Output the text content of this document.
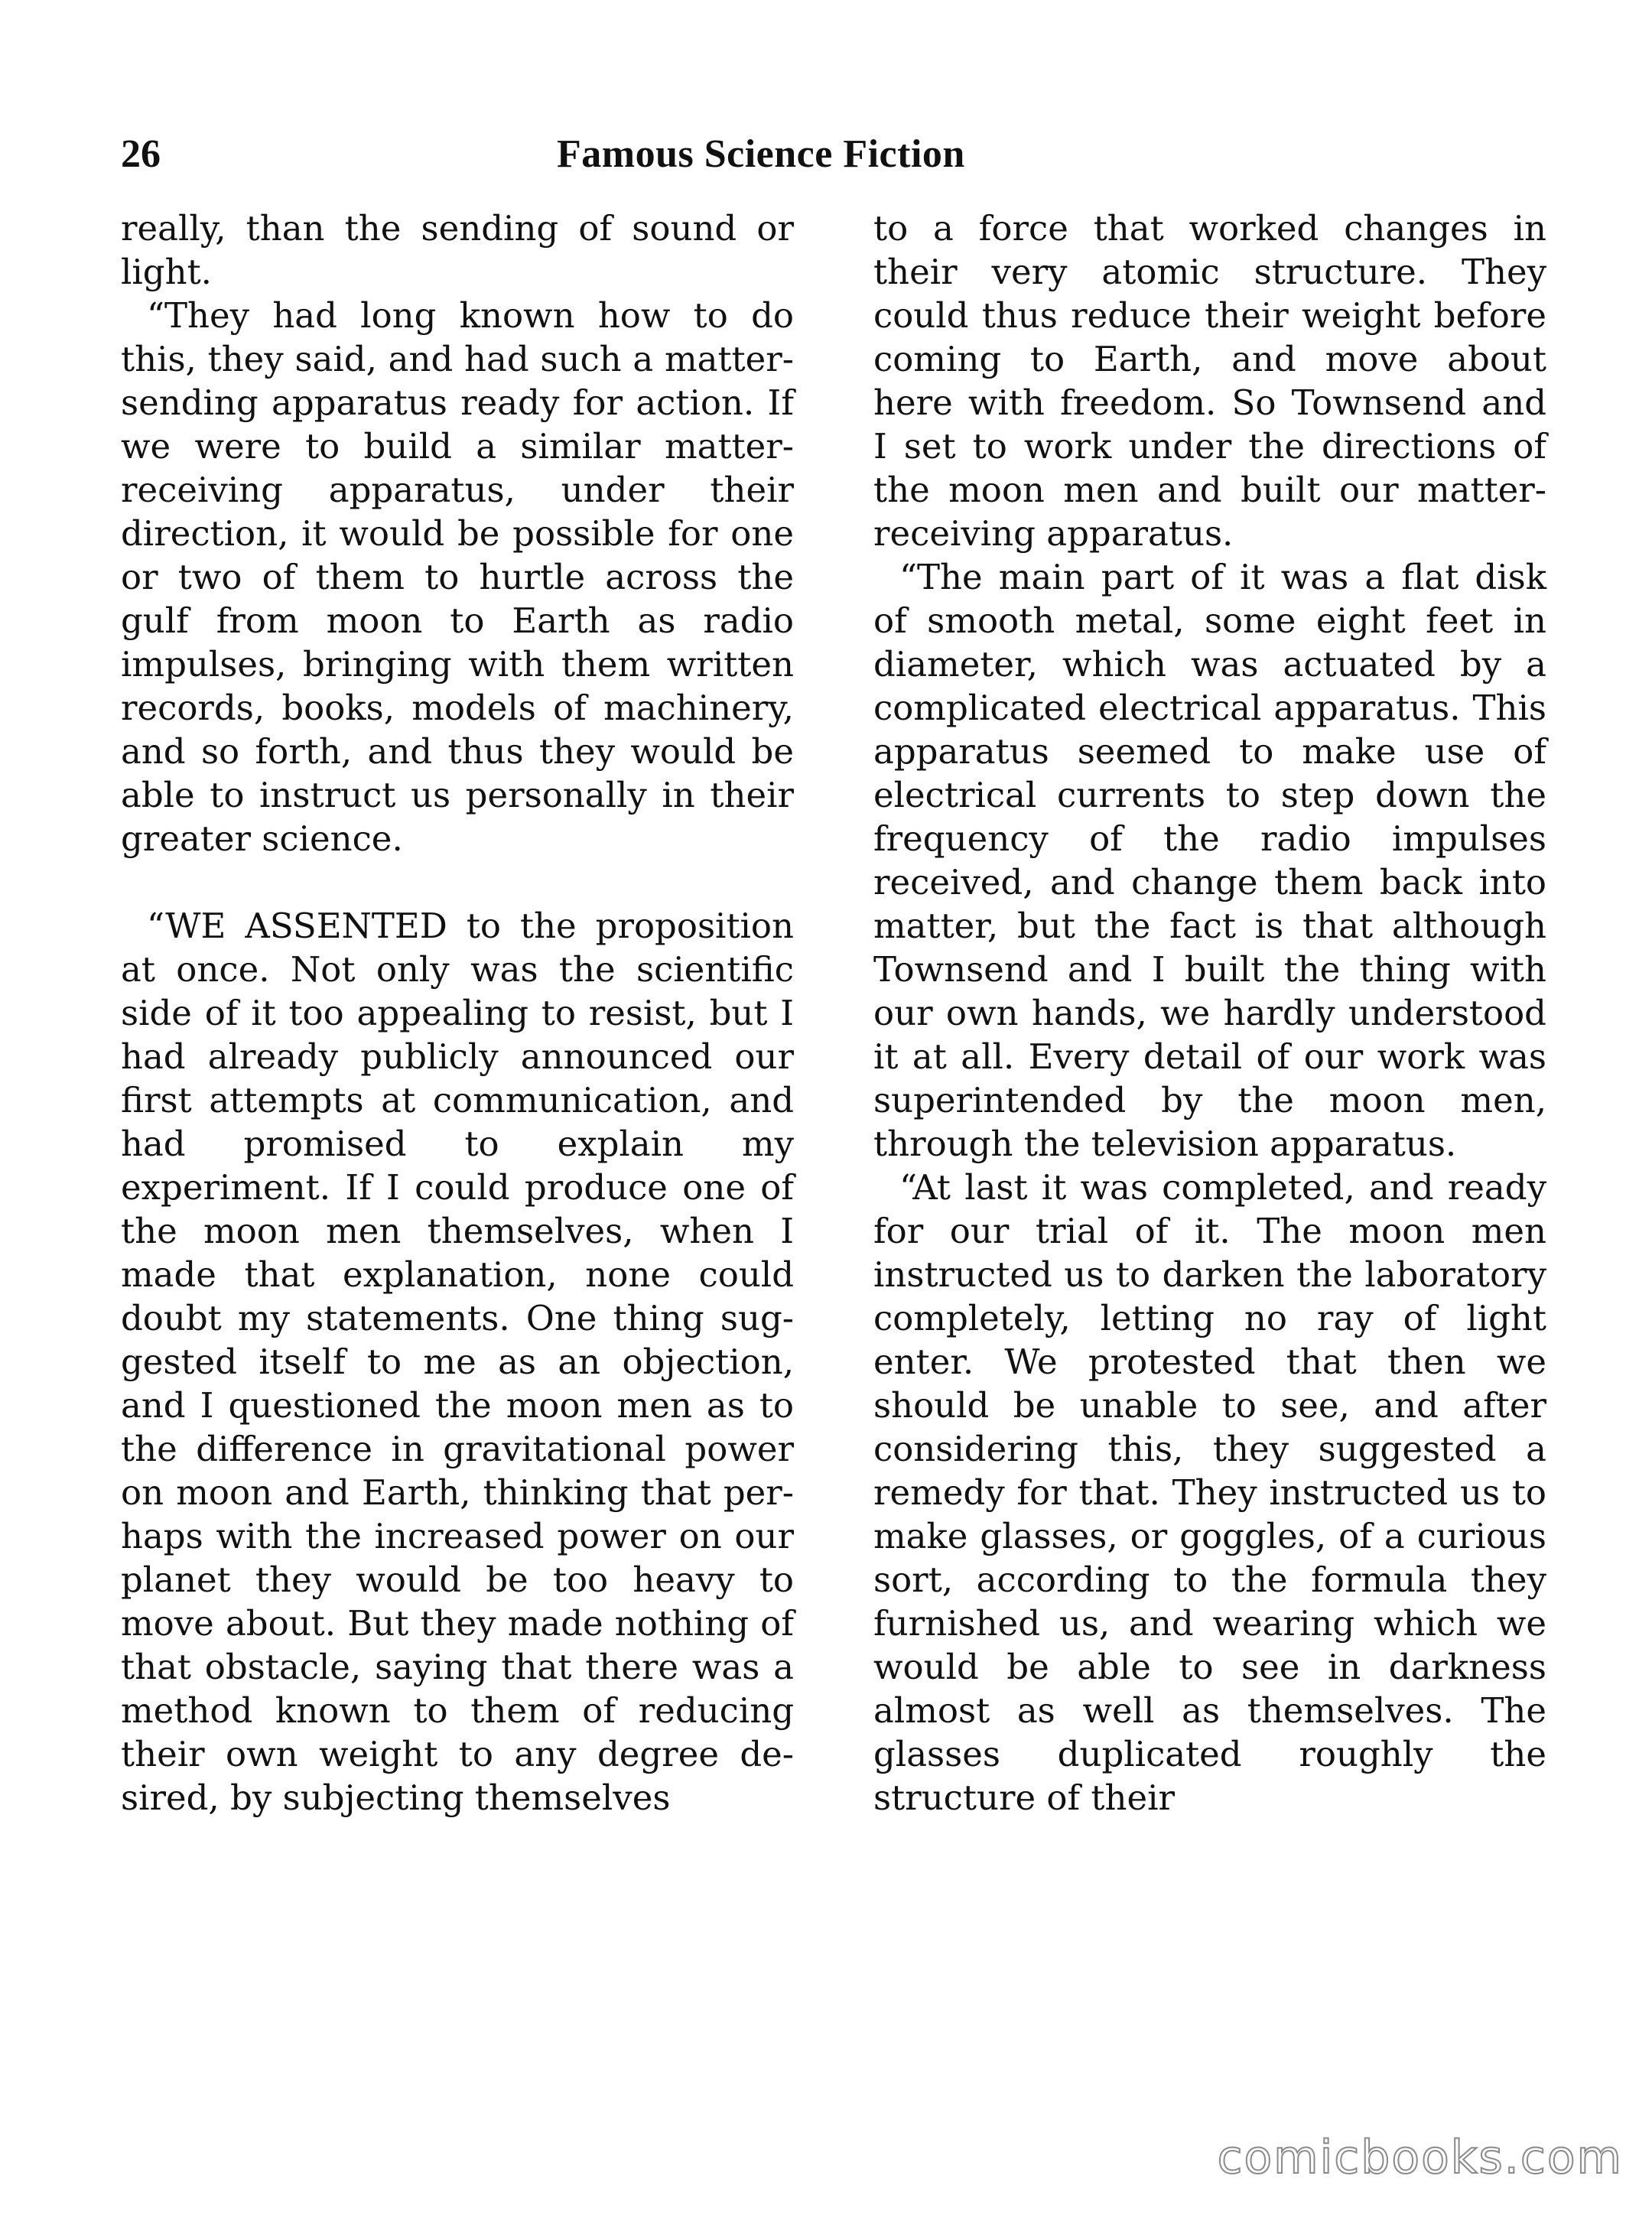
26	Famous Science Fiction

really, than the sending of sound or light.

“They had long known how to do this, they said, and had such a matter-sending apparatus ready for action. If we were to build a similar matter-receiving apparatus, under their direction, it would be possible for one or two of them to hurtle across the gulf from moon to Earth as radio impulses, bringing with them written records, books, models of machinery, and so forth, and thus they would be able to instruct us personally in their greater science.

“WE ASSENTED to the proposition at once. Not only was the scientific side of it too appealing to resist, but I had already publicly announced our first attempts at communication, and had promised to explain my experiment. If I could produce one of the moon men themselves, when I made that explanation, none could doubt my statements. One thing suggested itself to me as an objection, and I questioned the moon men as to the difference in gravitational power on moon and Earth, thinking that perhaps with the increased power on our planet they would be too heavy to move about. But they made nothing of that obstacle, saying that there was a method known to them of reducing their own weight to any degree desired, by subjecting themselves

to a force that worked changes in their very atomic structure. They could thus reduce their weight before coming to Earth, and move about here with freedom. So Townsend and I set to work under the directions of the moon men and built our matter-receiving apparatus.

“The main part of it was a flat disk of smooth metal, some eight feet in diameter, which was actuated by a complicated electrical apparatus. This apparatus seemed to make use of electrical currents to step down the frequency of the radio impulses received, and change them back into matter, but the fact is that although Townsend and I built the thing with our own hands, we hardly understood it at all. Every detail of our work was superintended by the moon men, through the television apparatus.

“At last it was completed, and ready for our trial of it. The moon men instructed us to darken the laboratory completely, letting no ray of light enter. We protested that then we should be unable to see, and after considering this, they suggested a remedy for that. They instructed us to make glasses, or goggles, of a curious sort, according to the formula they furnished us, and wearing which we would be able to see in darkness almost as well as themselves. The glasses duplicated roughly the structure of their

comicbooks.com
